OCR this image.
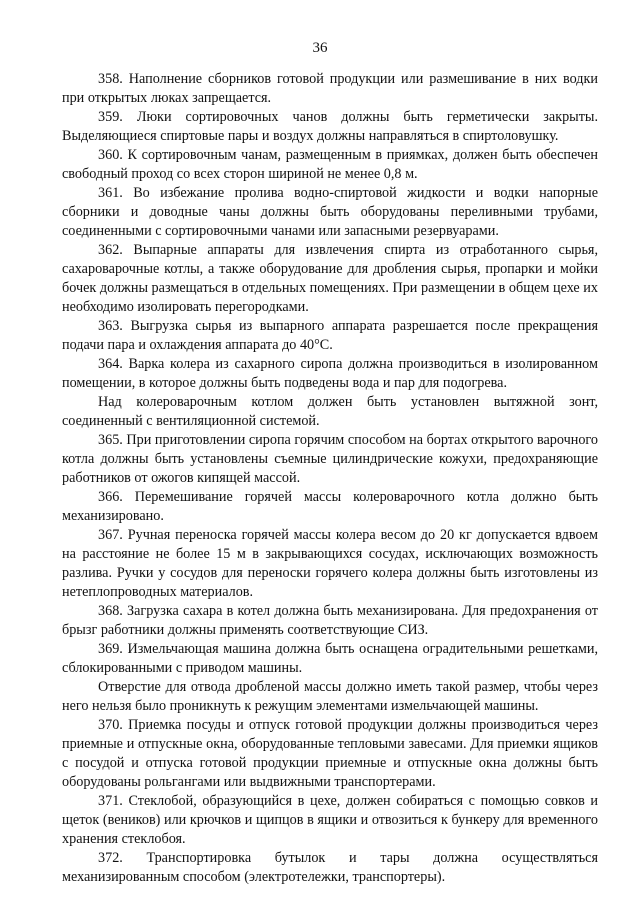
36

358. Наполнение сборников готовой продукции или размешивание в них водки при открытых люках запрещается.

359. Люки сортировочных чанов должны быть герметически закрыты. Выделяющиеся спиртовые пары и воздух должны направляться в спиртоловушку.

360. К сортировочным чанам, размещенным в приямках, должен быть обеспечен свободный проход со всех сторон шириной не менее 0,8 м.

361. Во избежание пролива водно-спиртовой жидкости и водки напорные сборники и доводные чаны должны быть оборудованы переливными трубами, соединенными с сортировочными чанами или запасными резервуарами.

362. Выпарные аппараты для извлечения спирта из отработанного сырья, сахароварочные котлы, а также оборудование для дробления сырья, пропарки и мойки бочек должны размещаться в отдельных помещениях. При размещении в общем цехе их необходимо изолировать перегородками.

363. Выгрузка сырья из выпарного аппарата разрешается после прекращения подачи пара и охлаждения аппарата до 40°С.

364. Варка колера из сахарного сиропа должна производиться в изолированном помещении, в которое должны быть подведены вода и пар для подогрева.

Над колероварочным котлом должен быть установлен вытяжной зонт, соединенный с вентиляционной системой.

365. При приготовлении сиропа горячим способом на бортах открытого варочного котла должны быть установлены съемные цилиндрические кожухи, предохраняющие работников от ожогов кипящей массой.

366. Перемешивание горячей массы колероварочного котла должно быть механизировано.

367. Ручная переноска горячей массы колера весом до 20 кг допускается вдвоем на расстояние не более 15 м в закрывающихся сосудах, исключающих возможность разлива. Ручки у сосудов для переноски горячего колера должны быть изготовлены из нетеплопроводных материалов.

368. Загрузка сахара в котел должна быть механизирована. Для предохранения от брызг работники должны применять соответствующие СИЗ.

369. Измельчающая машина должна быть оснащена оградительными решетками, сблокированными с приводом машины.

Отверстие для отвода дробленой массы должно иметь такой размер, чтобы через него нельзя было проникнуть к режущим элементами измельчающей машины.

370. Приемка посуды и отпуск готовой продукции должны производиться через приемные и отпускные окна, оборудованные тепловыми завесами. Для приемки ящиков с посудой и отпуска готовой продукции приемные и отпускные окна должны быть оборудованы рольгангами или выдвижными транспортерами.

371. Стеклобой, образующийся в цехе, должен собираться с помощью совков и щеток (веников) или крючков и щипцов в ящики и отвозиться к бункеру для временного хранения стеклобоя.

372. Транспортировка бутылок и тары должна осуществляться механизированным способом (электротележки, транспортеры).
